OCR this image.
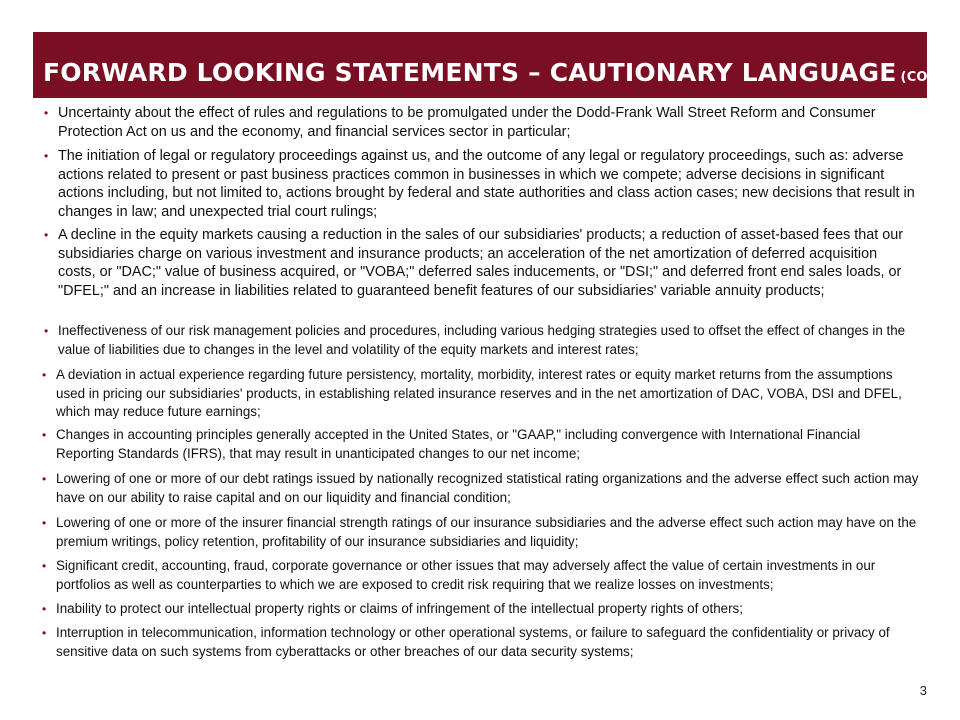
FORWARD LOOKING STATEMENTS – CAUTIONARY LANGUAGE (CONT.)
• Uncertainty about the effect of rules and regulations to be promulgated under the Dodd-Frank Wall Street Reform and Consumer Protection Act on us and the economy, and financial services sector in particular;
• The initiation of legal or regulatory proceedings against us, and the outcome of any legal or regulatory proceedings, such as: adverse actions related to present or past business practices common in businesses in which we compete; adverse decisions in significant actions including, but not limited to, actions brought by federal and state authorities and class action cases; new decisions that result in changes in law; and unexpected trial court rulings;
• A decline in the equity markets causing a reduction in the sales of our subsidiaries' products; a reduction of asset-based fees that our subsidiaries charge on various investment and insurance products; an acceleration of the net amortization of deferred acquisition costs, or "DAC;" value of business acquired, or "VOBA;" deferred sales inducements, or "DSI;" and deferred front end sales loads, or "DFEL;" and an increase in liabilities related to guaranteed benefit features of our subsidiaries' variable annuity products;
• Ineffectiveness of our risk management policies and procedures, including various hedging strategies used to offset the effect of changes in the value of liabilities due to changes in the level and volatility of the equity markets and interest rates;
• A deviation in actual experience regarding future persistency, mortality, morbidity, interest rates or equity market returns from the assumptions used in pricing our subsidiaries' products, in establishing related insurance reserves and in the net amortization of DAC, VOBA, DSI and DFEL, which may reduce future earnings;
• Changes in accounting principles generally accepted in the United States, or "GAAP," including convergence with International Financial Reporting Standards (IFRS), that may result in unanticipated changes to our net income;
• Lowering of one or more of our debt ratings issued by nationally recognized statistical rating organizations and the adverse effect such action may have on our ability to raise capital and on our liquidity and financial condition;
• Lowering of one or more of the insurer financial strength ratings of our insurance subsidiaries and the adverse effect such action may have on the premium writings, policy retention, profitability of our insurance subsidiaries and liquidity;
• Significant credit, accounting, fraud, corporate governance or other issues that may adversely affect the value of certain investments in our portfolios as well as counterparties to which we are exposed to credit risk requiring that we realize losses on investments;
• Inability to protect our intellectual property rights or claims of infringement of the intellectual property rights of others;
• Interruption in telecommunication, information technology or other operational systems, or failure to safeguard the confidentiality or privacy of sensitive data on such systems from cyberattacks or other breaches of our data security systems;
3
